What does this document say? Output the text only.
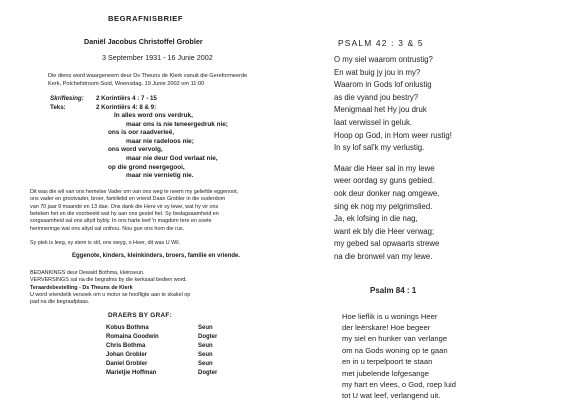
BEGRAFNISBRIEF
Daniël Jacobus Christoffel Grobler
3 September 1931 - 16 Junie 2002
Die diens word waargeneem deur Ds Theuns de Klerk vanuit die Gereformeerde
Kerk, Potchefstroom-Suid, Woensdag, 19 Junie 2002 om 11:00
Skriflesing:	2 Korintiërs 4 : 7 - 15
Teks:	2 Korintiërs 4: 8 & 9:
In alles word ons verdruk,
maar ons is nie teneergedruk nie;
ons is oor raadverleë,
maar nie radeloos nie;
ons word vervolg,
maar nie deur God verlaat nie,
op die grond neergegooi,
maar nie vernietig nie.
Dit was die wil van ons hemelse Vader om van ons weg te neem my geliefde eggenoot,
ons vader en grootvader, broer, familielid en vriend Daan Grobler in die ouderdom
van 70 jaar 9 maande en 13 dae. Ons dank die Here vir sy lewe, wat hy vir ons
beteken het en die voorbeeld wat hy aan ons gestel het. Sy bedagsaamheid en
sorgsaamheid sal ons altyd bybly. In ons harte leef 'n magdom tere en soete
herinneringe wat ons altyd sal onthou. Nou gun ons hom die rus.
Sy plek is leeg, sy stem is stil, ons weyg, o Heer, dit was U Wil.
Eggenote, kinders, kleinkinders, broers, familie en vriende.
BEDANKINGS deur Dewald Bothma, kleinseun.
VERVERSINGS sal na die begrafnis by die kerksaal bedien word.
Teraardebestelling - Ds Theuns de Klerk
U word vriendelik versoek om u motor se hoofligte aan te skakel op
pad na die begraafplaas.
DRAERS BY GRAF:
Kobus Bothma	Seun
Romaina Goodwin	Dogter
Chris Bothma	Seun
Johan Grobler	Seun
Daniel Grobler	Seun
Marietjie Hoffman	Dogter
PSALM 42 : 3 & 5
O my siel waarom ontrustig?
En wat buig jy jou in my?
Waarom in Gods lof onlustig
as die vyand jou bestry?
Menigmaal het Hy jou druk
laat verwissel in geluk.
Hoop op God, in Hom weer rustig!
In sy lof sal'k my verlustig.
Maar die Heer sal in my lewe
weer oordag sy guns gebied.
ook deur donker nag omgewe,
sing ek nog my pelgrimslied.
Ja, ek lofsing in die nag,
want ek bly die Heer verwag;
my gebed sal opwaarts strewe
na die bronwel van my lewe.
Psalm 84 : 1
Hoe lieflik is u wonings Heer
der leërskare! Hoe begeer
my siel en hunker van verlange
om na Gods woning op te gaan
en in u terpelpoort te staan
met jubelende lofgesange
my hart en vlees, o God, roep luid
tot U wat leef, verlangend uit.
